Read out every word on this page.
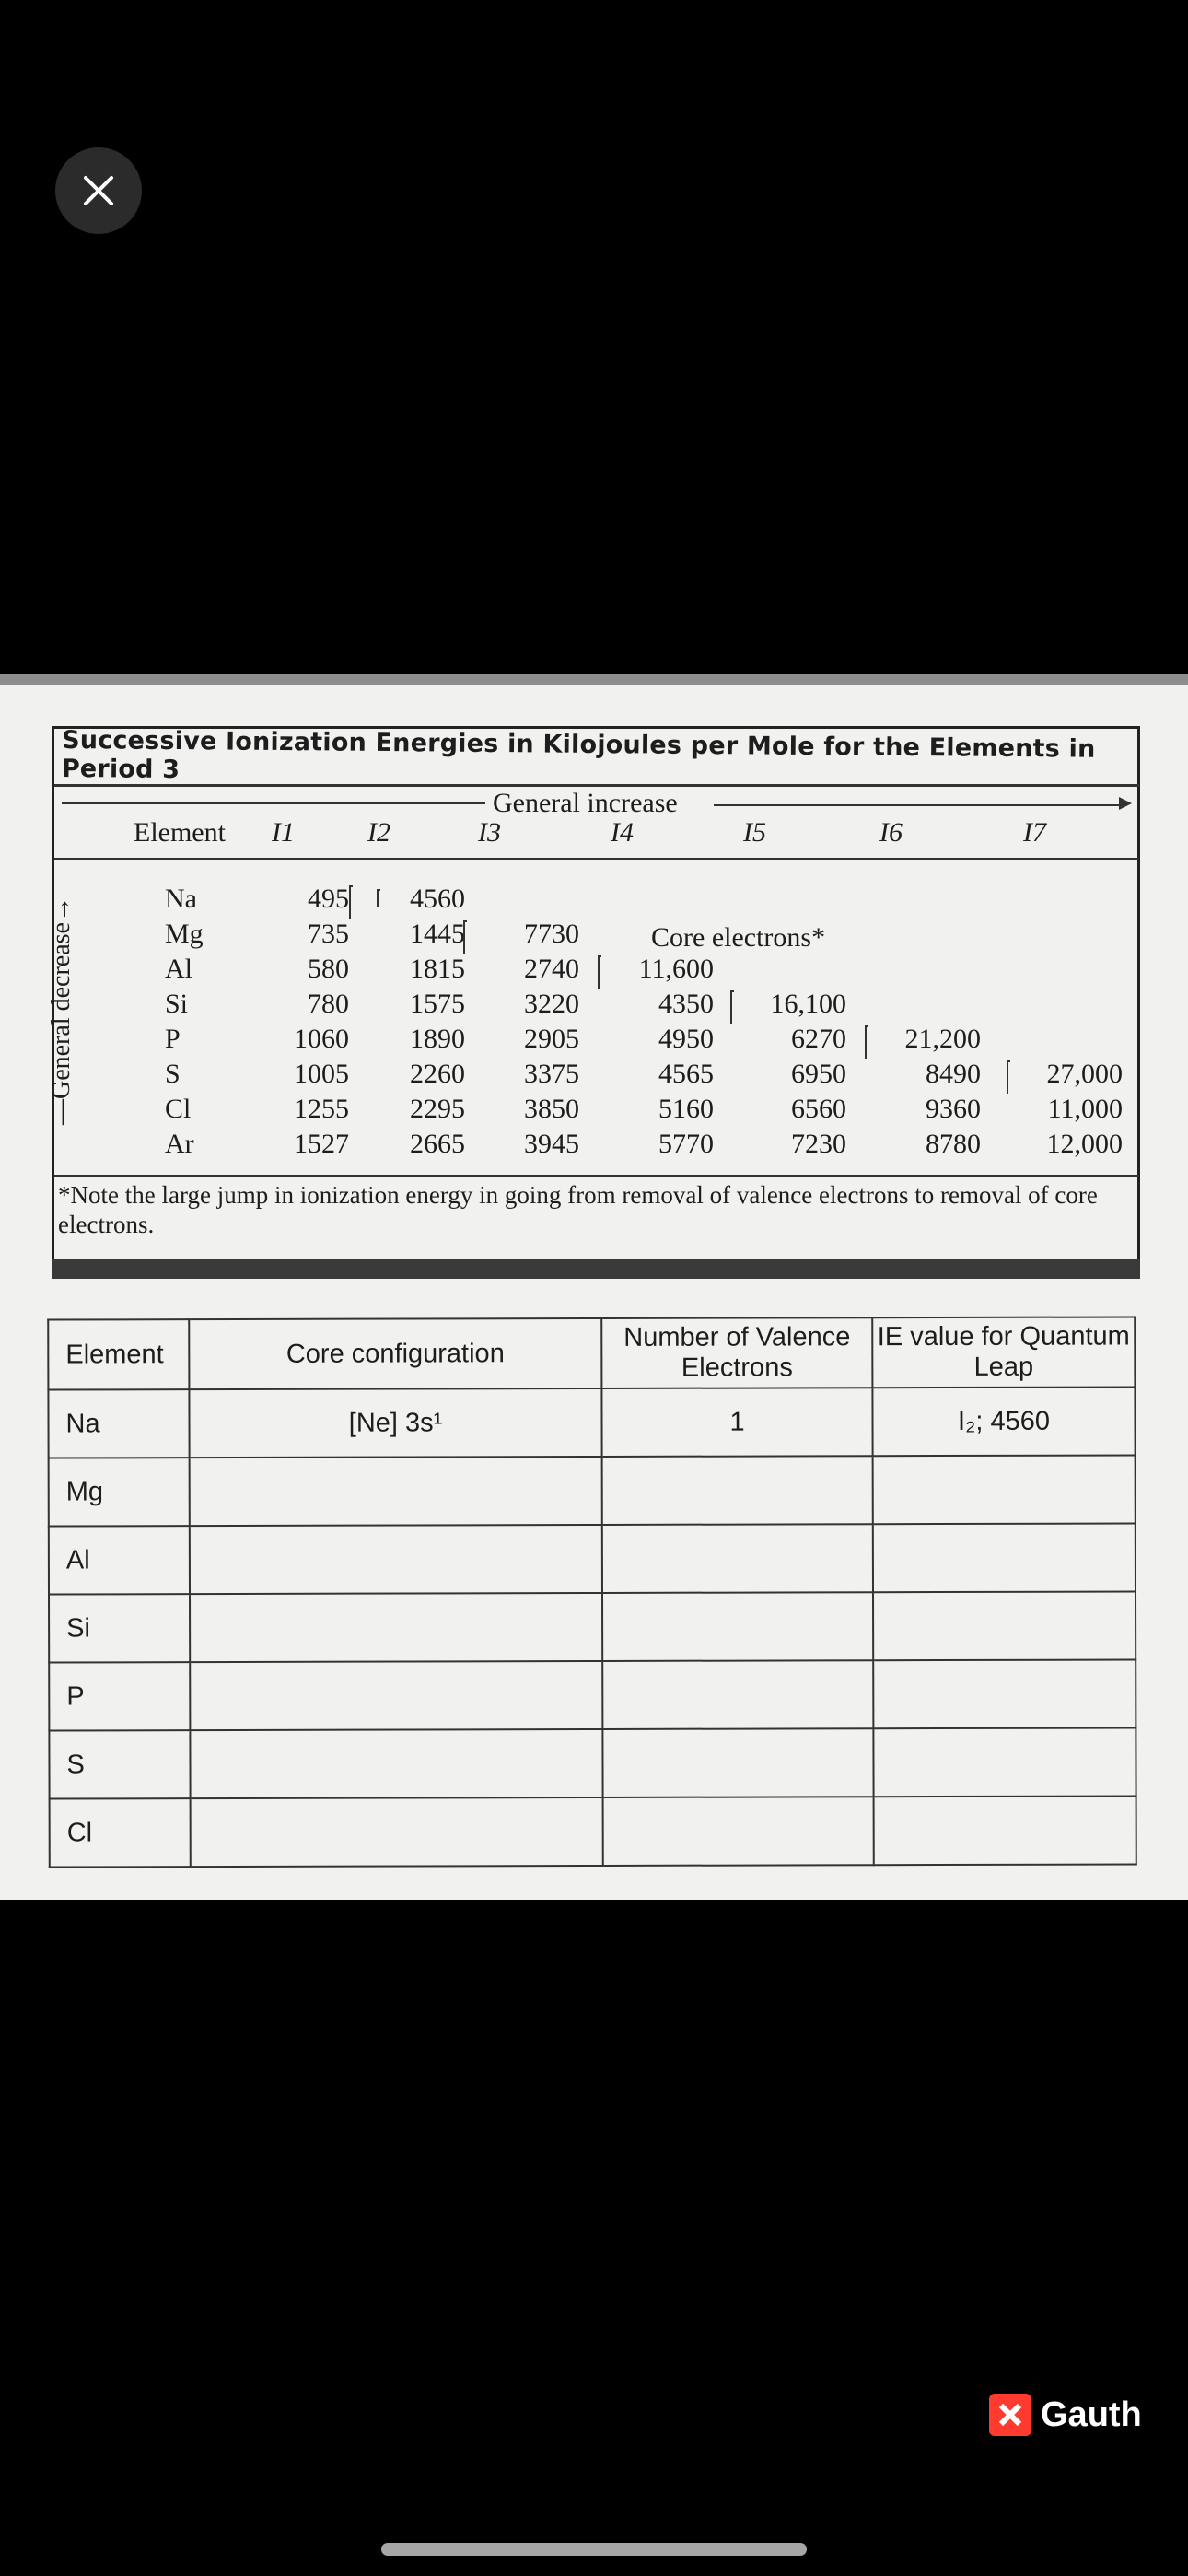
Successive Ionization Energies in Kilojoules per Mole for the Elements in Period 3
General increase
Element I1	I2	I3	I4	I5	I6	I7
—General decrease→	Na	495	4560
Mg	735	1445	7730
Al	580	1815	2740	11,600
Si	780	1575	3220	4350	16,100
P	1060	1890	2905	4950	6270	21,200
S	1005	2260	3375	4565	6950	8490	27,000
Cl	1255	2295	3850	5160	6560	9360	11,000
Ar	1527	2665	3945	5770	7230	8780	12,000
Core electrons*
*Note the large jump in ionization energy in going from removal of valence electrons to removal of core electrons.
Element	Core configuration	Number of Valence Electrons	IE value for Quantum Leap
Na	[Ne] 3s¹	1	I₂; 4560
Mg			
Al			
Si			
P			
S			
Cl			
Gauth
